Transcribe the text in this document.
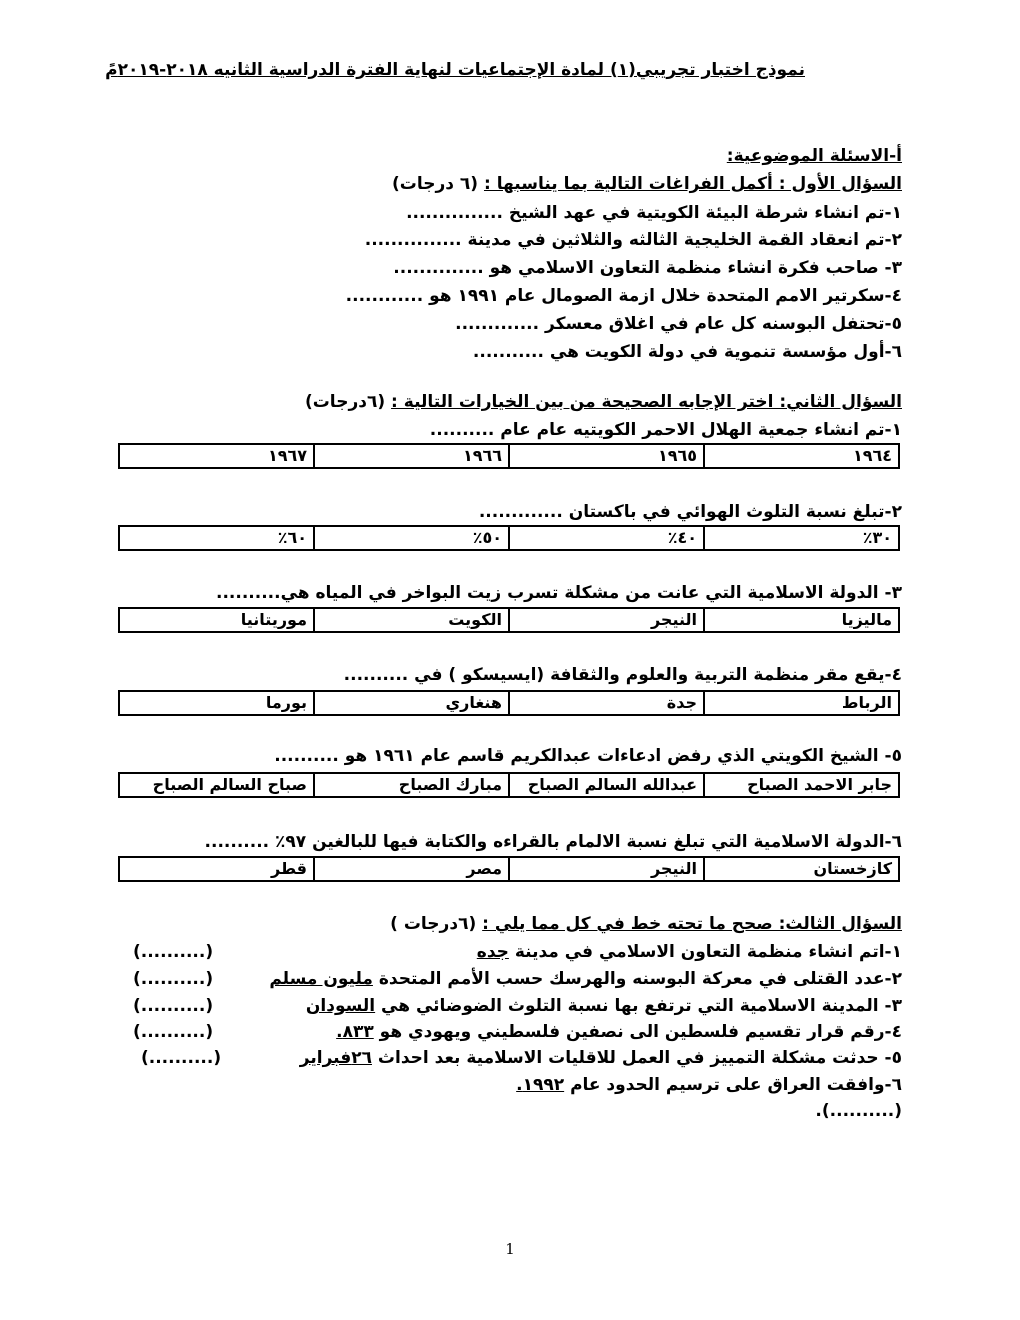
نموذج اختبار تجريبي(١) لمادة الإجتماعيات لنهاية الفترة الدراسية الثانيه ٢٠١٨-٢٠١٩مً
أ-الاسئلة الموضوعية:
السؤال الأول : أكمل الفراغات التالية بما يناسبها : (٦ درجات)
١-تم انشاء شرطة البيئة الكويتية في عهد الشيخ ...............
٢-تم انعقاد القمة الخليجية الثالثه والثلاثين في مدينة ...............
٣- صاحب فكرة انشاء منظمة التعاون الاسلامي هو ..............
٤-سكرتير الامم المتحدة خلال ازمة الصومال عام ١٩٩١ هو ............
٥-تحتفل البوسنه كل عام في اغلاق معسكر .............
٦-أول مؤسسة تنموية في دولة الكويت هي ...........
السؤال الثاني: اختر الإجابه الصحيحة من بين الخيارات التالية : (٦درجات)
١-تم انشاء جمعية الهلال الاحمر الكويتيه عام عام ..........
١٩٦٤
١٩٦٥
١٩٦٦
١٩٦٧
٢-تبلغ نسبة التلوث الهوائي في باكستان .............
٣٠٪
٤٠٪
٥٠٪
٦٠٪
٣- الدولة الاسلامية التي عانت من مشكلة تسرب زيت البواخر في المياه هي..........
ماليزيا
النيجر
الكويت
موريتانيا
٤-يقع مقر منظمة التربية والعلوم والثقافة (ايسيسكو ) في ..........
الرباط
جدة
هنغاري
بورما
٥- الشيخ الكويتي الذي رفض ادعاءات عبدالكريم قاسم عام ١٩٦١ هو ..........
جابر الاحمد الصباح
عبدالله السالم الصباح
مبارك الصباح
صباح السالم الصباح
٦-الدولة الاسلامية التي تبلغ نسبة الالمام بالقراءه والكتابة فيها للبالغين ٩٧٪ ..........
كازخستان
النيجر
مصر
قطر
السؤال الثالث: صحح ما تحته خط في كل مما يلي : (٦درجات )
١-اتم انشاء منظمة التعاون الاسلامي في مدينة جده
(..........)
٢-عدد القتلى في معركة البوسنه والهرسك حسب الأمم المتحدة مليون مسلم
(..........)
٣- المدينة الاسلامية التي ترتفع بها نسبة التلوث الضوضائي هي السودان
(..........)
٤-رقم قرار تقسيم فلسطين الى نصفين فلسطيني ويهودي هو ٨٣٣.
(..........)
٥- حدثت مشكلة التمييز في العمل للاقليات الاسلامية بعد احداث ٢٦فبراير
(..........)
٦-وافقت العراق على ترسيم الحدود عام ١٩٩٢.
(..........).
1
